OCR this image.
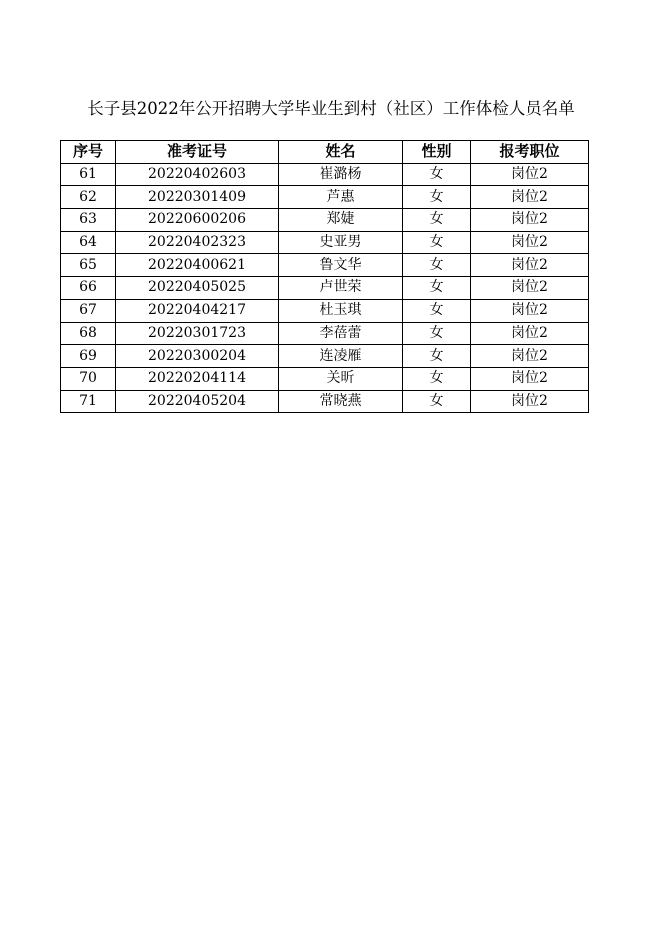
长子县2022年公开招聘大学毕业生到村（社区）工作体检人员名单
序号	准考证号	姓名	性别	报考职位
61	20220402603	崔潞杨	女	岗位2
62	20220301409	芦惠	女	岗位2
63	20220600206	郑婕	女	岗位2
64	20220402323	史亚男	女	岗位2
65	20220400621	鲁文华	女	岗位2
66	20220405025	卢世荣	女	岗位2
67	20220404217	杜玉琪	女	岗位2
68	20220301723	李蓓蕾	女	岗位2
69	20220300204	连凌雁	女	岗位2
70	20220204114	关昕	女	岗位2
71	20220405204	常晓燕	女	岗位2
